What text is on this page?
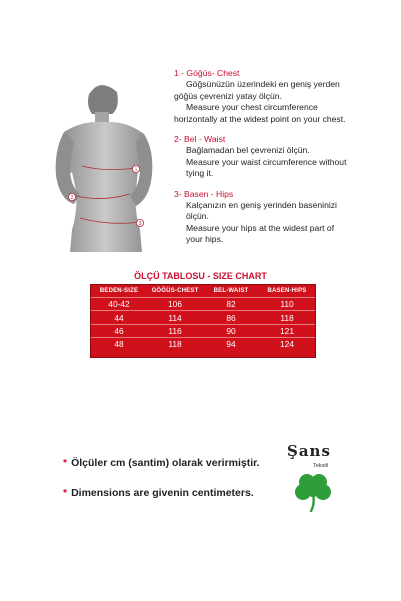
1
2
3
1 - Göğüs- Chest
Göğsünüzün üzerindeki en geniş yerden
göğüs çevrenizi yatay ölçün.
Measure your chest circumference
horizontally at the widest point on your chest.
2- Bel - Waist
Bağlamadan bel çevrenizi ölçün.
Measure your waist circumference without
tying it.
3- Basen - Hips
Kalçanızın en geniş yerinden baseninizi
ölçün.
Measure your hips at the widest part of
your hips.
ÖLÇÜ TABLOSU - SIZE CHART
BEDEN-SIZE	GÖĞÜS-CHEST	BEL-WAIST	BASEN-HIPS
40-42	106	82	110
44	114	86	118
46	116	90	121
48	118	94	124
* Ölçüler cm (santim) olarak verirmiştir.
* Dimensions are givenin centimeters.
Şans
Tekstil
